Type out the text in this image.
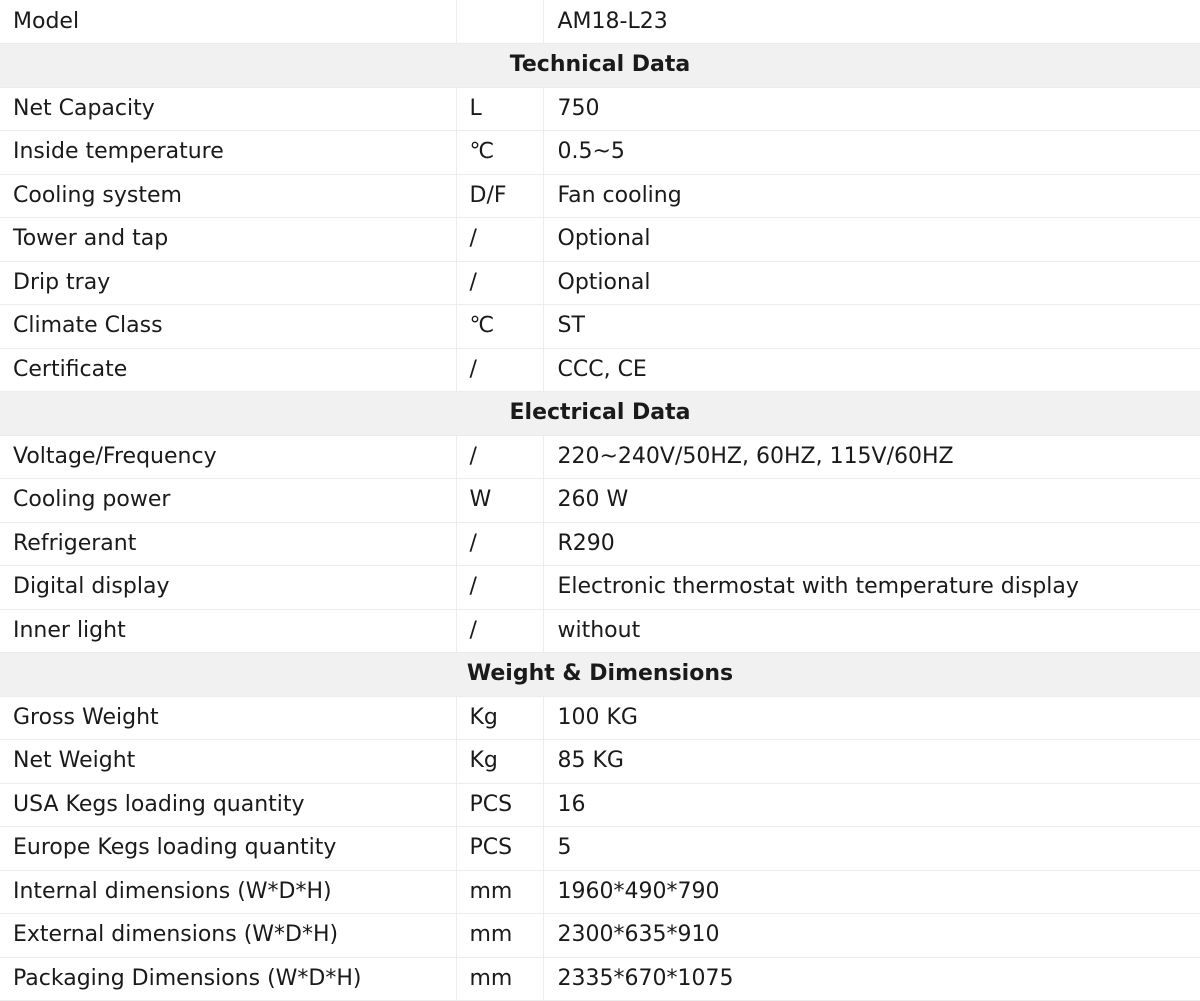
Model		AM18-L23
Technical Data		
Net Capacity	L	750
Inside temperature	℃	0.5~5
Cooling system	D/F	Fan cooling
Tower and tap	/	Optional
Drip tray	/	Optional
Climate Class	℃	ST
Certificate	/	CCC, CE
Electrical Data		
Voltage/Frequency	/	220~240V/50HZ, 60HZ, 115V/60HZ
Cooling power	W	260 W
Refrigerant	/	R290
Digital display	/	Electronic thermostat with temperature display
Inner light	/	without
Weight & Dimensions		
Gross Weight	Kg	100 KG
Net Weight	Kg	85 KG
USA Kegs loading quantity	PCS	16
Europe Kegs loading quantity	PCS	5
Internal dimensions (W*D*H)	mm	1960*490*790
External dimensions (W*D*H)	mm	2300*635*910
Packaging Dimensions (W*D*H)	mm	2335*670*1075
